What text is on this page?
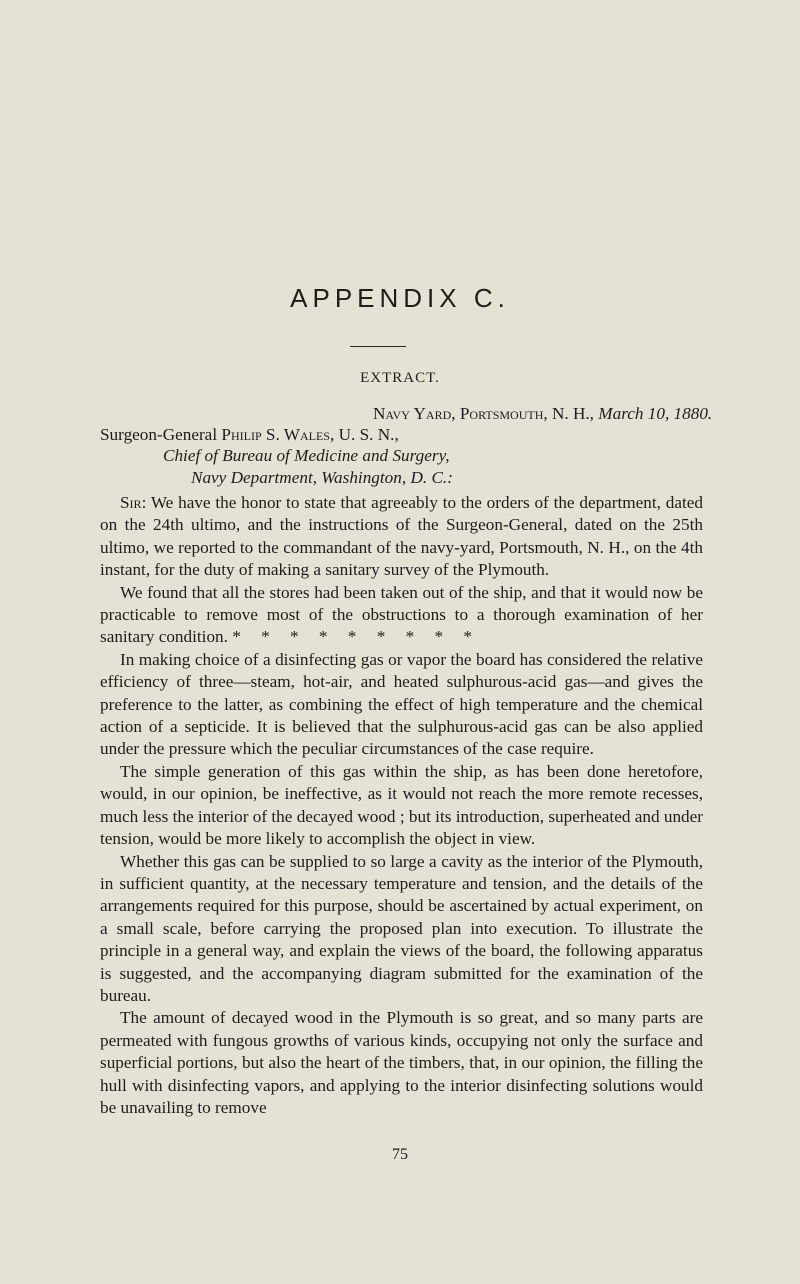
APPENDIX C.
EXTRACT.
Navy Yard, Portsmouth, N. H., March 10, 1880.
Surgeon-General Philip S. Wales, U. S. N.,
Chief of Bureau of Medicine and Surgery,
Navy Department, Washington, D. C.:

Sir: We have the honor to state that agreeably to the orders of the department, dated on the 24th ultimo, and the instructions of the Surgeon-General, dated on the 25th ultimo, we reported to the commandant of the navy-yard, Portsmouth, N. H., on the 4th instant, for the duty of making a sanitary survey of the Plymouth.

We found that all the stores had been taken out of the ship, and that it would now be practicable to remove most of the obstructions to a thorough examination of her sanitary condition. * * * * * * * * *

In making choice of a disinfecting gas or vapor the board has considered the relative efficiency of three—steam, hot-air, and heated sulphurous-acid gas—and gives the preference to the latter, as combining the effect of high temperature and the chemical action of a septicide. It is believed that the sulphurous-acid gas can be also applied under the pressure which the peculiar circumstances of the case require.

The simple generation of this gas within the ship, as has been done heretofore, would, in our opinion, be ineffective, as it would not reach the more remote recesses, much less the interior of the decayed wood ; but its introduction, superheated and under tension, would be more likely to accomplish the object in view.

Whether this gas can be supplied to so large a cavity as the interior of the Plymouth, in sufficient quantity, at the necessary temperature and tension, and the details of the arrangements required for this purpose, should be ascertained by actual experiment, on a small scale, before carrying the proposed plan into execution. To illustrate the principle in a general way, and explain the views of the board, the following apparatus is suggested, and the accompanying diagram submitted for the examination of the bureau.

The amount of decayed wood in the Plymouth is so great, and so many parts are permeated with fungous growths of various kinds, occupying not only the surface and superficial portions, but also the heart of the timbers, that, in our opinion, the filling the hull with disinfecting vapors, and applying to the interior disinfecting solutions would be unavailing to remove

75
